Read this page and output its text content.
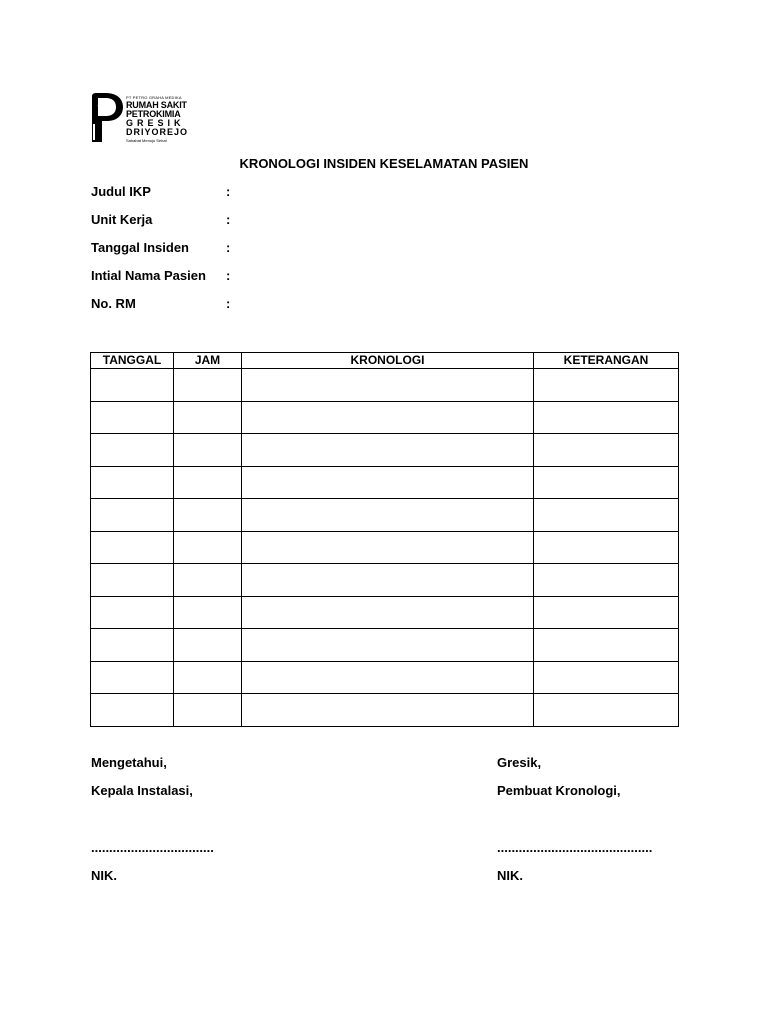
PT PETRO GRAHA MEDIKA
RUMAH SAKIT
PETROKIMIA
GRESIK
DRIYOREJO
Sahabat Menuju Sehat
KRONOLOGI INSIDEN KESELAMATAN PASIEN
Judul IKP	:
Unit Kerja	:
Tanggal Insiden	:
Intial Nama Pasien :
No. RM	:
TANGGAL	JAM	KRONOLOGI	KETERANGAN

Mengetahui,
Kepala Instalasi,
..................................
NIK.
Gresik,
Pembuat Kronologi,
...........................................
NIK.
